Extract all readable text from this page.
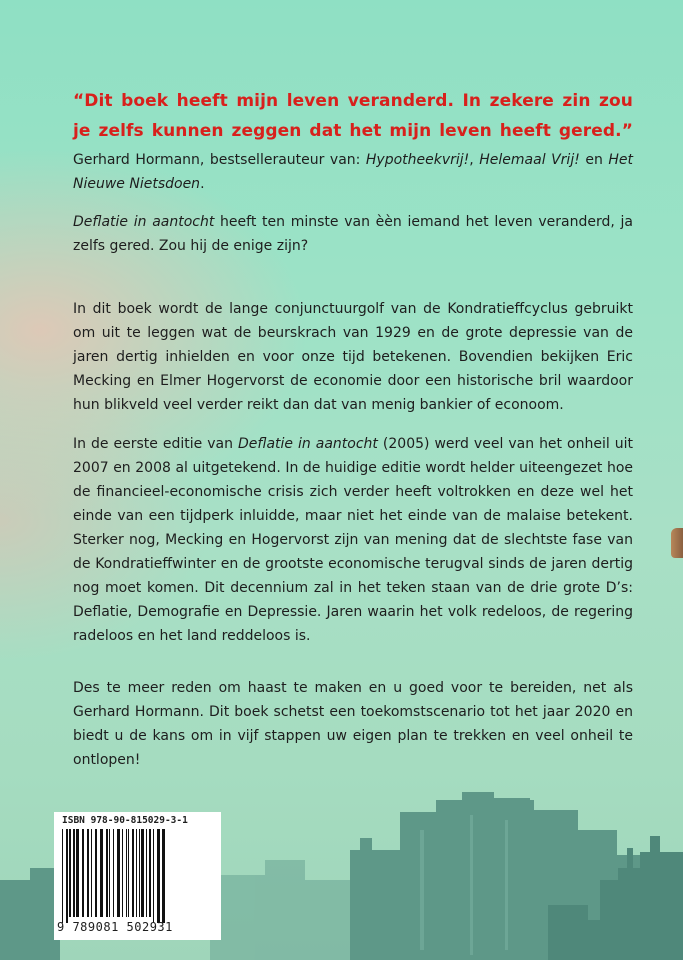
“Dit boek heeft mijn leven veranderd. In zekere zin zou je zelfs kunnen zeggen dat het mijn leven heeft gered.”
Gerhard Hormann, bestsellerauteur van: Hypotheekvrij!, Helemaal Vrij! en Het Nieuwe Nietsdoen.

Deflatie in aantocht heeft ten minste van èèn iemand het leven veranderd, ja zelfs gered. Zou hij de enige zijn?

In dit boek wordt de lange conjunctuurgolf van de Kondratieffcyclus gebruikt om uit te leggen wat de beurskrach van 1929 en de grote depressie van de jaren dertig inhielden en voor onze tijd betekenen. Bovendien bekijken Eric Mecking en Elmer Hogervorst de economie door een historische bril waardoor hun blikveld veel verder reikt dan dat van menig bankier of econoom.

In de eerste editie van Deflatie in aantocht (2005) werd veel van het onheil uit 2007 en 2008 al uitgetekend. In de huidige editie wordt helder uiteengezet hoe de financieel-economische crisis zich verder heeft voltrokken en deze wel het einde van een tijdperk inluidde, maar niet het einde van de malaise betekent. Sterker nog, Mecking en Hogervorst zijn van mening dat de slechtste fase van de Kondratieffwinter en de grootste economische terugval sinds de jaren dertig nog moet komen. Dit decennium zal in het teken staan van de drie grote D’s: Deflatie, Demografie en Depressie. Jaren waarin het volk redeloos, de regering radeloos en het land reddeloos is.

Des te meer reden om haast te maken en u goed voor te bereiden, net als Gerhard Hormann. Dit boek schetst een toekomstscenario tot het jaar 2020 en biedt u de kans om in vijf stappen uw eigen plan te trekken en veel onheil te ontlopen!

ISBN 978-90-815029-3-1
9 789081 502931
